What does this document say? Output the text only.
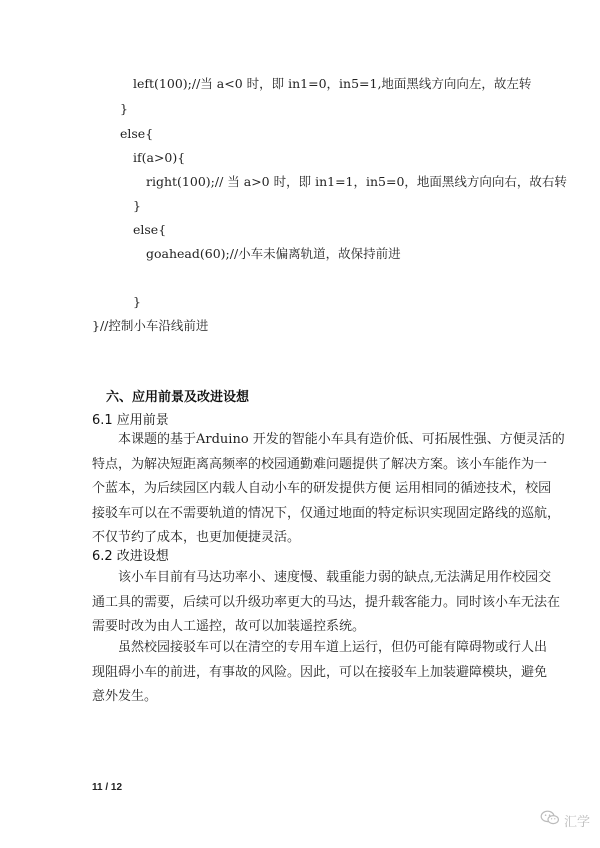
left(100);//当 a<0 时，即 in1=0，in5=1,地面黑线方向向左，故左转
}
else{
if(a>0){
right(100);// 当 a>0 时，即 in1=1，in5=0，地面黑线方向向右，故右转
}
else{
goahead(60);//小车未偏离轨道，故保持前进
}
}//控制小车沿线前进
六、应用前景及改进设想
6.1 应用前景
本课题的基于Arduino 开发的智能小车具有造价低、可拓展性强、方便灵活的
特点，为解决短距离高频率的校园通勤难问题提供了解决方案。该小车能作为一
个蓝本，为后续园区内载人自动小车的研发提供方便 运用相同的循迹技术，校园
接驳车可以在不需要轨道的情况下，仅通过地面的特定标识实现固定路线的巡航，
不仅节约了成本，也更加便捷灵活。
6.2 改进设想
该小车目前有马达功率小、速度慢、载重能力弱的缺点,无法满足用作校园交
通工具的需要，后续可以升级功率更大的马达，提升载客能力。同时该小车无法在
需要时改为由人工遥控，故可以加装遥控系统。
虽然校园接驳车可以在清空的专用车道上运行，但仍可能有障碍物或行人出
现阻碍小车的前进，有事故的风险。因此，可以在接驳车上加装避障模块，避免
意外发生。
11 / 12
汇学
